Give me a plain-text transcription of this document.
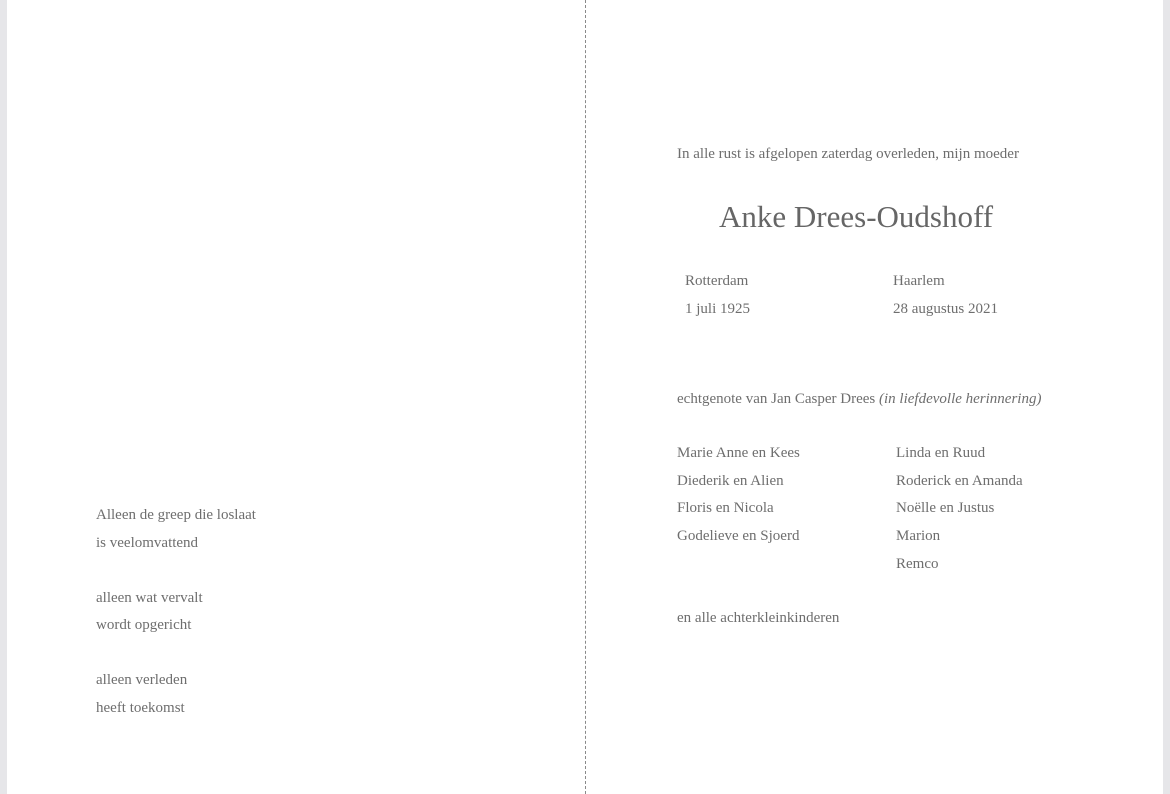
Alleen de greep die loslaat
is veelomvattend
alleen wat vervalt
wordt opgericht
alleen verleden
heeft toekomst
In alle rust is afgelopen zaterdag overleden, mijn moeder
Anke Drees-Oudshoff
Rotterdam
1 juli 1925
Haarlem
28 augustus 2021
echtgenote van Jan Casper Drees (in liefdevolle herinnering)
Marie Anne en Kees
Diederik en Alien
Floris en Nicola
Godelieve en Sjoerd
Linda en Ruud
Roderick en Amanda
Noëlle en Justus
Marion
Remco
en alle achterkleinkinderen
